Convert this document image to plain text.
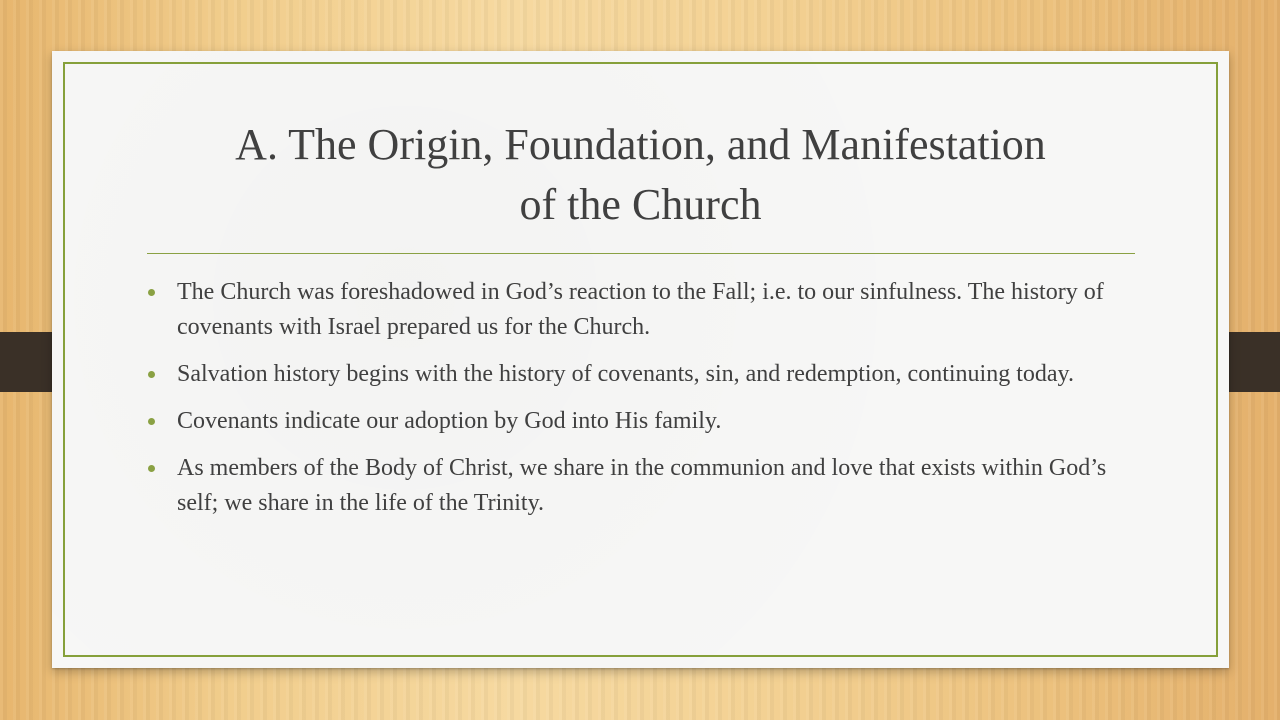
A. The Origin, Foundation, and Manifestation
of the Church
The Church was foreshadowed in God’s reaction to the Fall; i.e. to our sinfulness. The history of covenants with Israel prepared us for the Church.
Salvation history begins with the history of covenants, sin, and redemption, continuing today.
Covenants indicate our adoption by God into His family.
As members of the Body of Christ, we share in the communion and love that exists within God’s self; we share in the life of the Trinity.
